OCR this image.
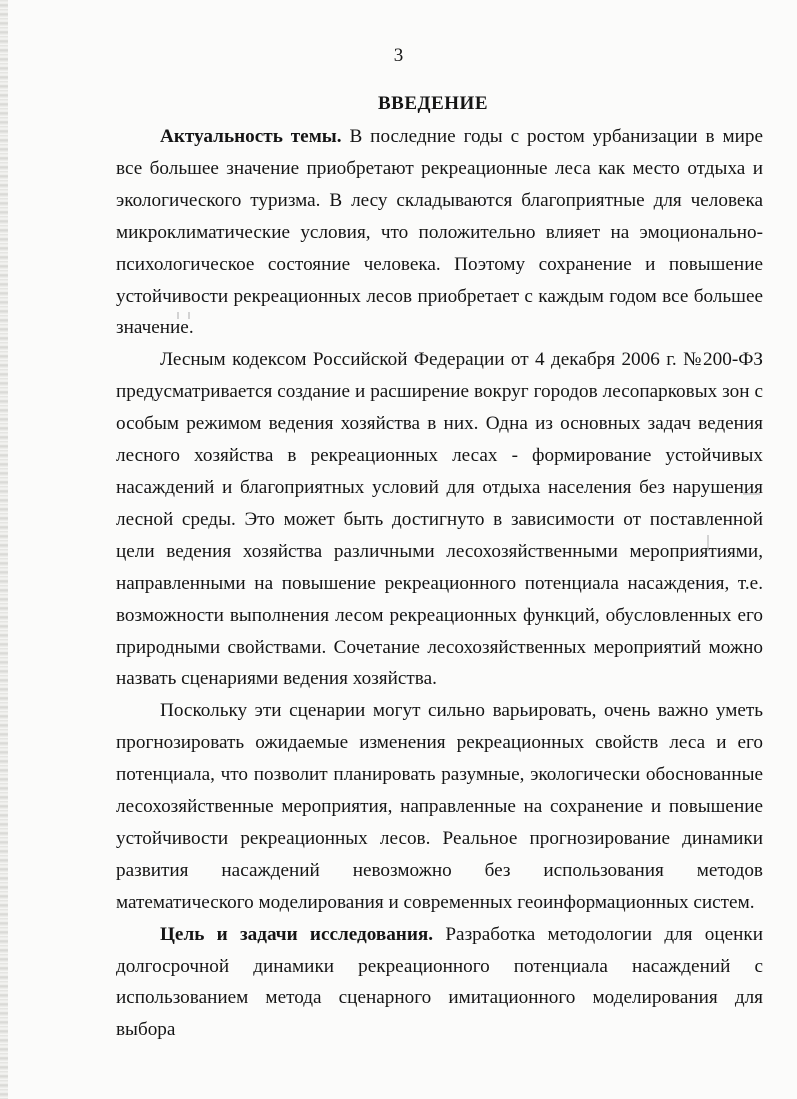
3
ВВЕДЕНИЕ

Актуальность темы. В последние годы с ростом урбанизации в мире все большее значение приобретают рекреационные леса как место отдыха и экологического туризма. В лесу складываются благоприятные для человека микроклиматические условия, что положительно влияет на эмоционально-психологическое состояние человека. Поэтому сохранение и повышение устойчивости рекреационных лесов приобретает с каждым годом все большее значение.

Лесным кодексом Российской Федерации от 4 декабря 2006 г. №200-ФЗ предусматривается создание и расширение вокруг городов лесопарковых зон с особым режимом ведения хозяйства в них. Одна из основных задач ведения лесного хозяйства в рекреационных лесах - формирование устойчивых насаждений и благоприятных условий для отдыха населения без нарушения лесной среды. Это может быть достигнуто в зависимости от поставленной цели ведения хозяйства различными лесохозяйственными мероприятиями, направленными на повышение рекреационного потенциала насаждения, т.е. возможности выполнения лесом рекреационных функций, обусловленных его природными свойствами. Сочетание лесохозяйственных мероприятий можно назвать сценариями ведения хозяйства.

Поскольку эти сценарии могут сильно варьировать, очень важно уметь прогнозировать ожидаемые изменения рекреационных свойств леса и его потенциала, что позволит планировать разумные, экологически обоснованные лесохозяйственные мероприятия, направленные на сохранение и повышение устойчивости рекреационных лесов. Реальное прогнозирование динамики развития насаждений невозможно без использования методов математического моделирования и современных геоинформационных систем.

Цель и задачи исследования. Разработка методологии для оценки долгосрочной динамики рекреационного потенциала насаждений с использованием метода сценарного имитационного моделирования для выбора
